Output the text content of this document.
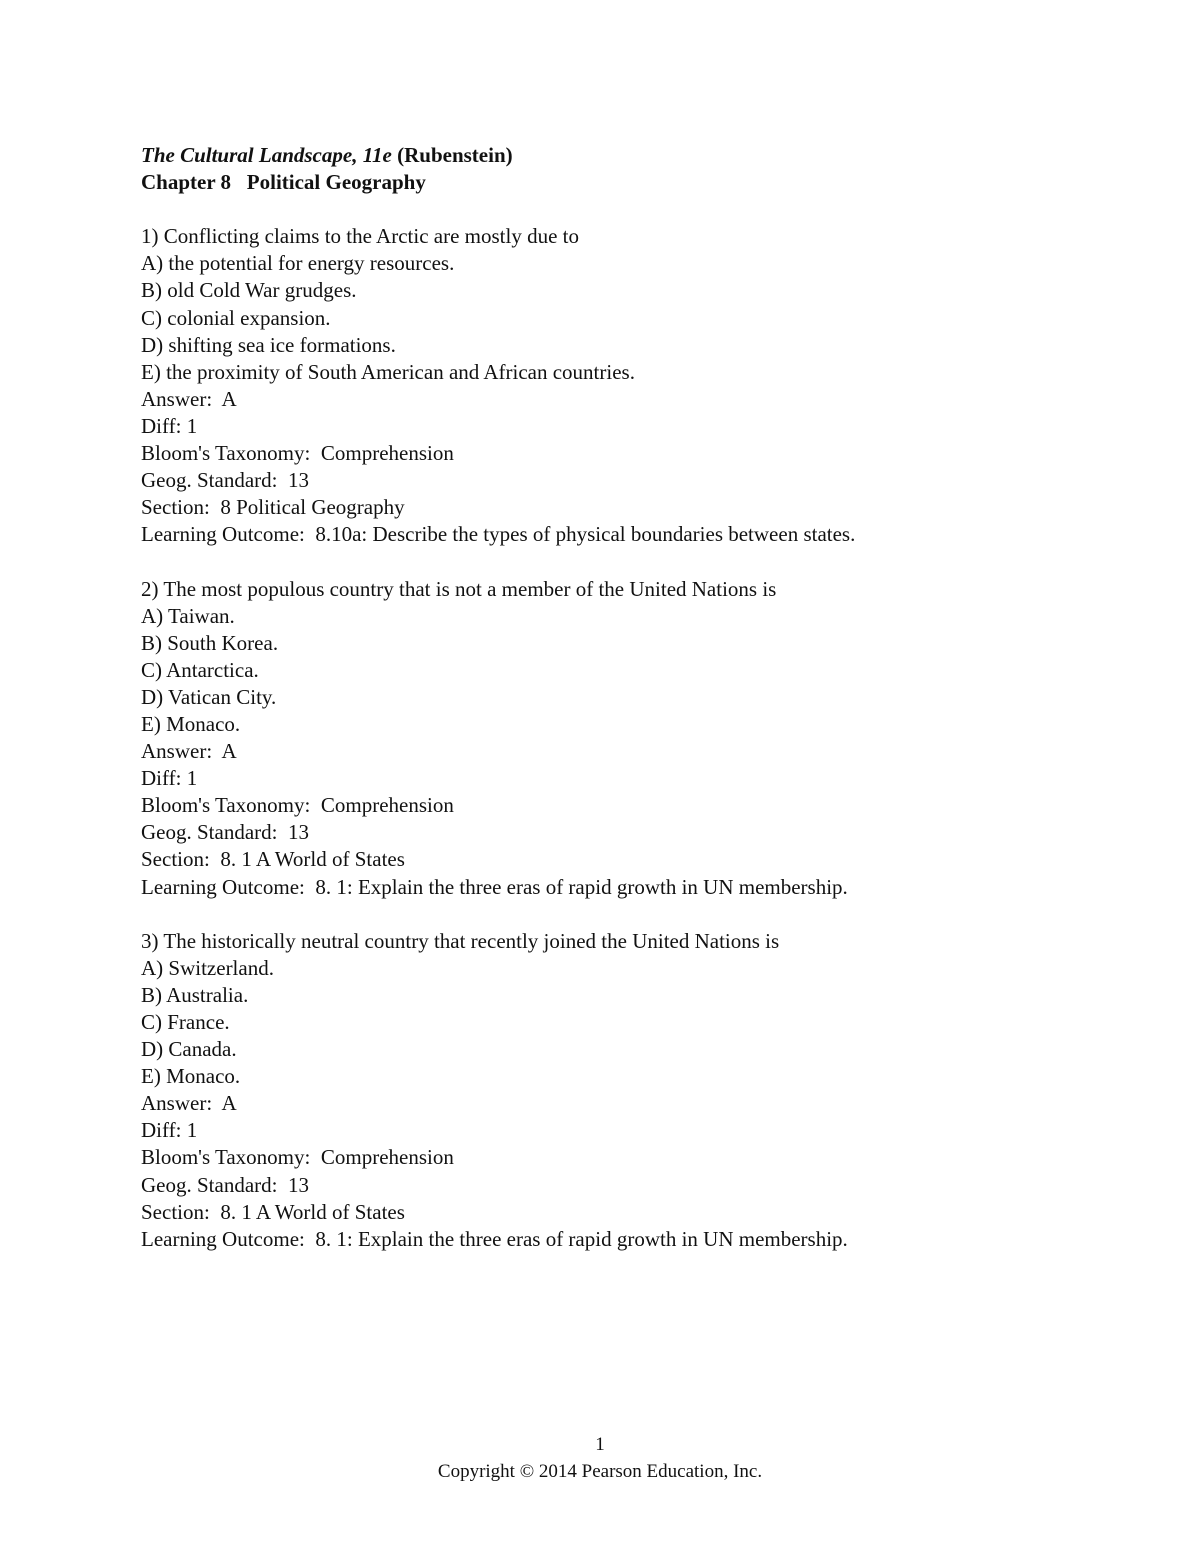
The Cultural Landscape, 11e (Rubenstein)
Chapter 8   Political Geography
1) Conflicting claims to the Arctic are mostly due to
A) the potential for energy resources.
B) old Cold War grudges.
C) colonial expansion.
D) shifting sea ice formations.
E) the proximity of South American and African countries.
Answer:  A
Diff: 1
Bloom's Taxonomy:  Comprehension
Geog. Standard:  13
Section:  8 Political Geography
Learning Outcome:  8.10a: Describe the types of physical boundaries between states.
2) The most populous country that is not a member of the United Nations is
A) Taiwan.
B) South Korea.
C) Antarctica.
D) Vatican City.
E) Monaco.
Answer:  A
Diff: 1
Bloom's Taxonomy:  Comprehension
Geog. Standard:  13
Section:  8. 1 A World of States
Learning Outcome:  8. 1: Explain the three eras of rapid growth in UN membership.
3) The historically neutral country that recently joined the United Nations is
A) Switzerland.
B) Australia.
C) France.
D) Canada.
E) Monaco.
Answer:  A
Diff: 1
Bloom's Taxonomy:  Comprehension
Geog. Standard:  13
Section:  8. 1 A World of States
Learning Outcome:  8. 1: Explain the three eras of rapid growth in UN membership.
1
Copyright © 2014 Pearson Education, Inc.
